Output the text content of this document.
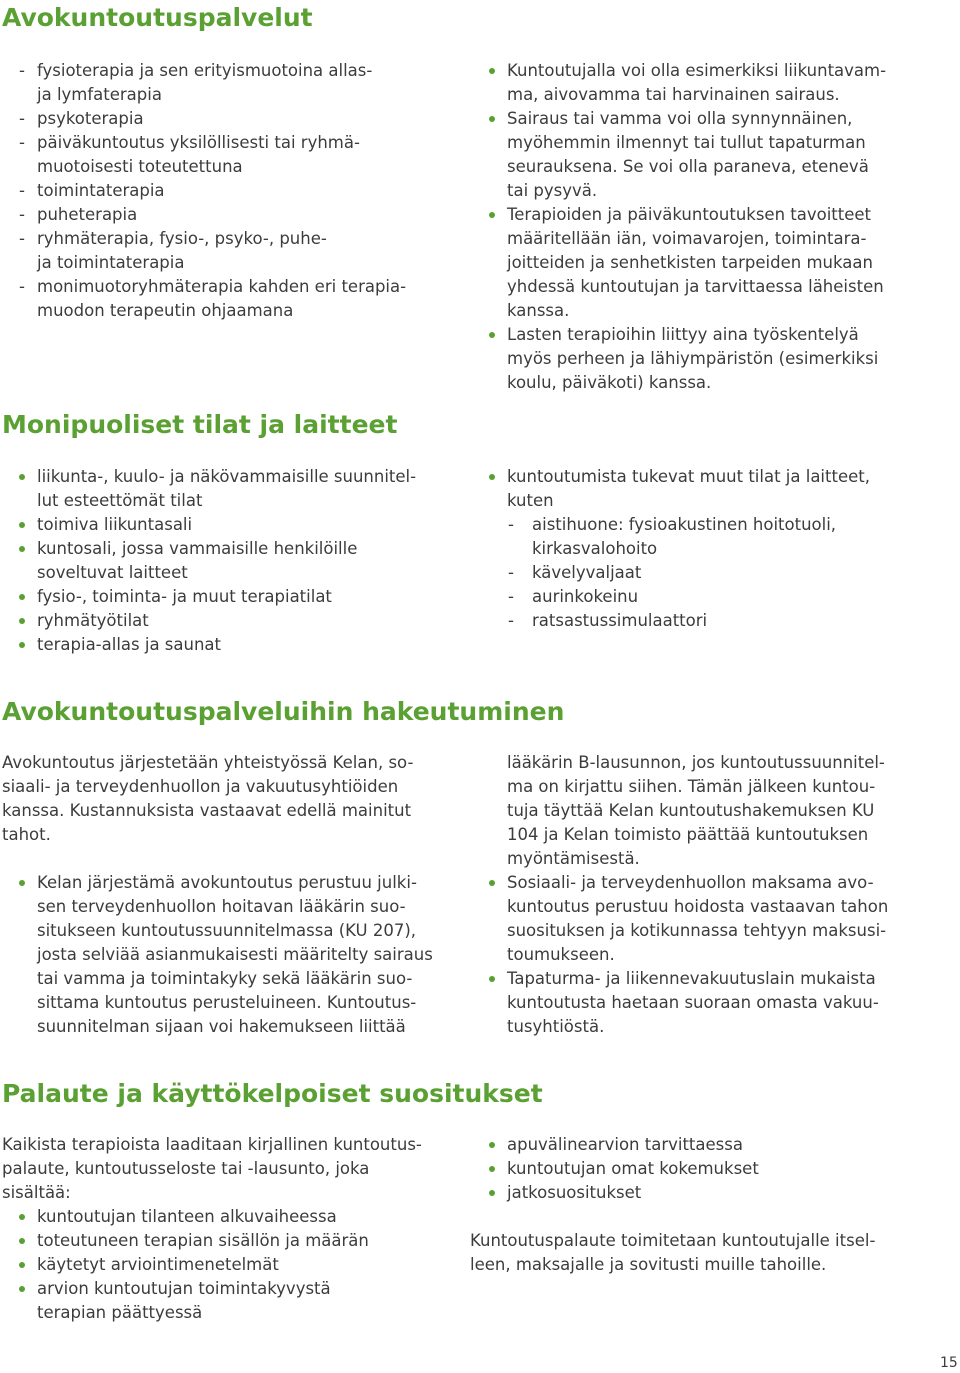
Avokuntoutuspalvelut
- fysioterapia ja sen erityismuotoina allas-
ja lymfaterapia
- psykoterapia
- päiväkuntoutus yksilöllisesti tai ryhmä-
muotoisesti toteutettuna
- toimintaterapia
- puheterapia
- ryhmäterapia, fysio-, psyko-, puhe-
ja toimintaterapia
- monimuotoryhmäterapia kahden eri terapia-
muodon terapeutin ohjaamana
Kuntoutujalla voi olla esimerkiksi liikuntavam-
ma, aivovamma tai harvinainen sairaus.
Sairaus tai vamma voi olla synnynnäinen,
myöhemmin ilmennyt tai tullut tapaturman
seurauksena. Se voi olla paraneva, etenevä
tai pysyvä.
Terapioiden ja päiväkuntoutuksen tavoitteet
määritellään iän, voimavarojen, toimintara-
joitteiden ja senhetkisten tarpeiden mukaan
yhdessä kuntoutujan ja tarvittaessa läheisten
kanssa.
Lasten terapioihin liittyy aina työskentelyä
myös perheen ja lähiympäristön (esimerkiksi
koulu, päiväkoti) kanssa.
Monipuoliset tilat ja laitteet
liikunta-, kuulo- ja näkövammaisille suunnitel-
lut esteettömät tilat
toimiva liikuntasali
kuntosali, jossa vammaisille henkilöille
soveltuvat laitteet
fysio-, toiminta- ja muut terapiatilat
ryhmätyötilat
terapia-allas ja saunat
kuntoutumista tukevat muut tilat ja laitteet,
kuten
- aistihuone: fysioakustinen hoitotuoli,
kirkasvalohoito
- kävelyvaljaat
- aurinkokeinu
- ratsastussimulaattori
Avokuntoutuspalveluihin hakeutuminen
Avokuntoutus järjestetään yhteistyössä Kelan, so-
siaali- ja terveydenhuollon ja vakuutusyhtiöiden
kanssa. Kustannuksista vastaavat edellä mainitut
tahot.
Kelan järjestämä avokuntoutus perustuu julki-
sen terveydenhuollon hoitavan lääkärin suo-
situkseen kuntoutussuunnitelmassa (KU 207),
josta selviää asianmukaisesti määritelty sairaus
tai vamma ja toimintakyky sekä lääkärin suo-
sittama kuntoutus perusteluineen. Kuntoutus-
suunnitelman sijaan voi hakemukseen liittää
lääkärin B-lausunnon, jos kuntoutussuunnitel-
ma on kirjattu siihen. Tämän jälkeen kuntou-
tuja täyttää Kelan kuntoutushakemuksen KU
104 ja Kelan toimisto päättää kuntoutuksen
myöntämisestä.
Sosiaali- ja terveydenhuollon maksama avo-
kuntoutus perustuu hoidosta vastaavan tahon
suosituksen ja kotikunnassa tehtyyn maksusi-
toumukseen.
Tapaturma- ja liikennevakuutuslain mukaista
kuntoutusta haetaan suoraan omasta vakuu-
tusyhtiöstä.
Palaute ja käyttökelpoiset suositukset
Kaikista terapioista laaditaan kirjallinen kuntoutus-
palaute, kuntoutusseloste tai -lausunto, joka
sisältää:
kuntoutujan tilanteen alkuvaiheessa
toteutuneen terapian sisällön ja määrän
käytetyt arviointimenetelmät
arvion kuntoutujan toimintakyvystä
terapian päättyessä
apuvälinearvion tarvittaessa
kuntoutujan omat kokemukset
jatkosuositukset
Kuntoutuspalaute toimitetaan kuntoutujalle itsel-
leen, maksajalle ja sovitusti muille tahoille.
15
